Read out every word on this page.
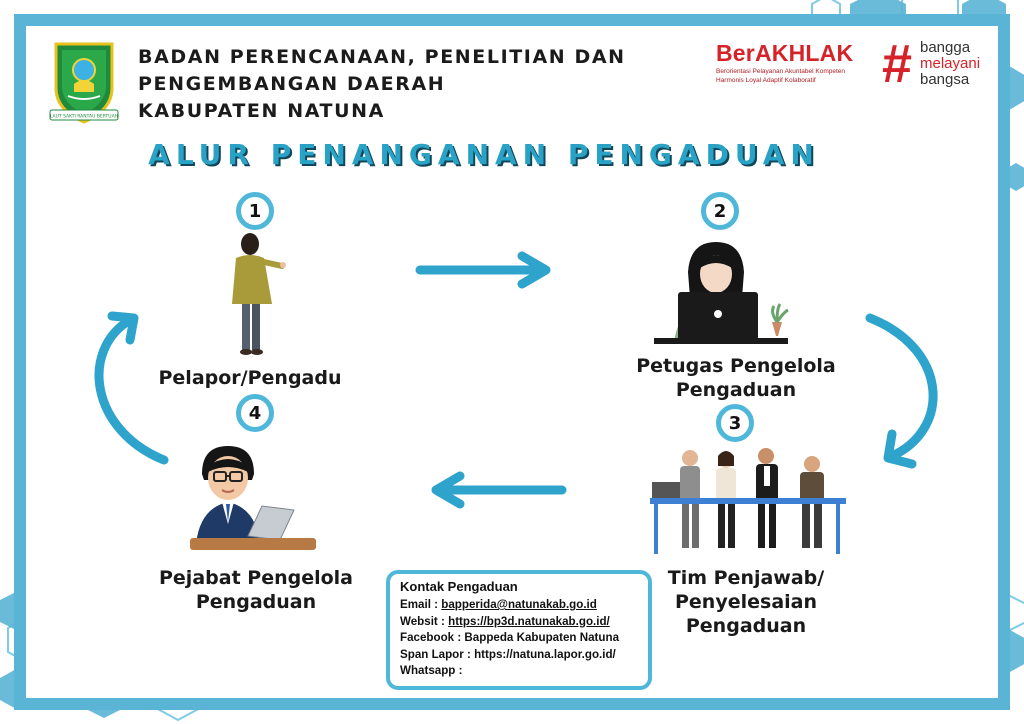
LAUT SAKTI RANTAU BERTUAH
BADAN PERENCANAAN, PENELITIAN DAN
PENGEMBANGAN DAERAH
KABUPATEN NATUNA
BerAKHLAK
Berorientasi Pelayanan Akuntabel Kompeten
Harmonis Loyal Adaptif Kolaboratif	# bangga
melayani
bangsa
ALUR PENANGANAN PENGADUAN
1
Pelapor/Pengadu
2
Petugas Pengelola
Pengaduan
3
Tim Penjawab/
Penyelesaian
Pengaduan
4
Pejabat Pengelola
Pengaduan
Kontak Pengaduan
Email : bapperida@natunakab.go.id
Websit : https://bp3d.natunakab.go.id/
Facebook : Bappeda Kabupaten Natuna
Span Lapor : https://natuna.lapor.go.id/
Whatsapp :
